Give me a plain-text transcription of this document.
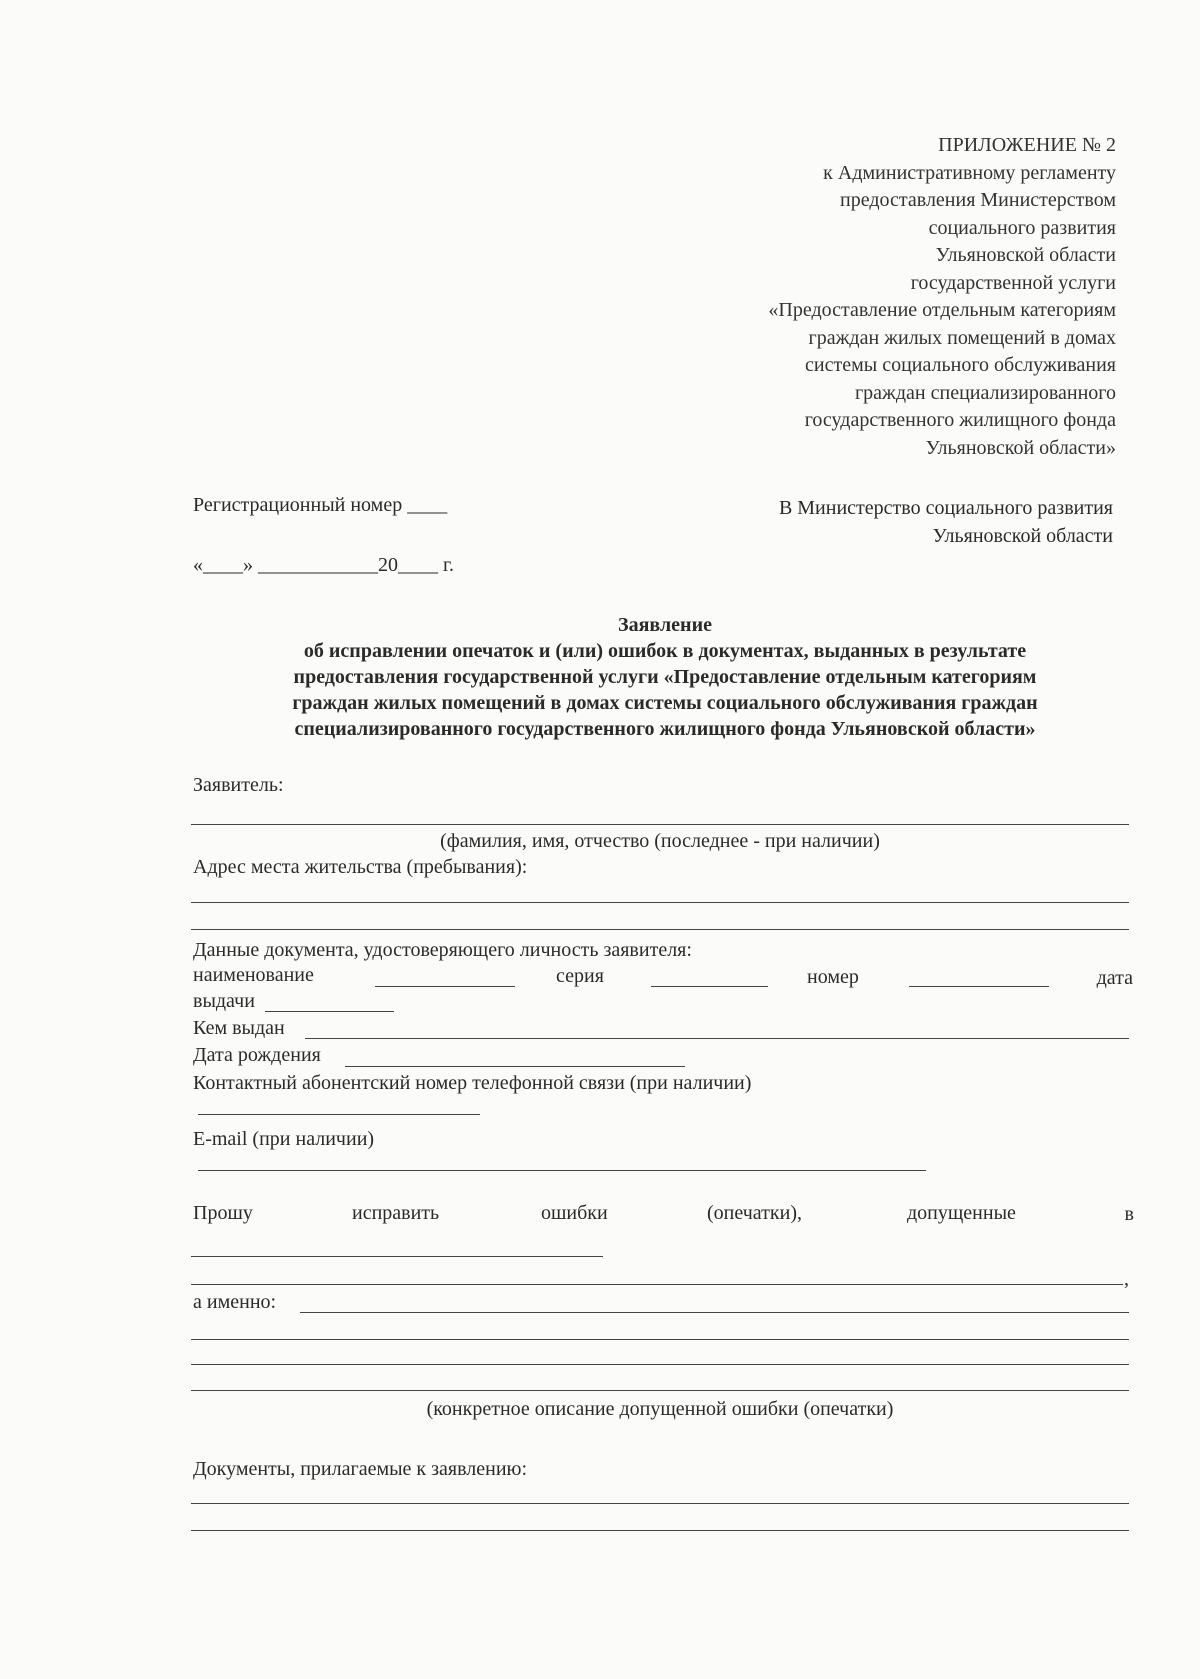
ПРИЛОЖЕНИЕ № 2
к Административному регламенту
предоставления Министерством
социального развития
Ульяновской области
государственной услуги
«Предоставление отдельным категориям
граждан жилых помещений в домах
системы социального обслуживания
граждан специализированного
государственного жилищного фонда
Ульяновской области»
Регистрационный номер ____
«____» ____________20____ г.
В Министерство социального развития
Ульяновской области
Заявление
об исправлении опечаток и (или) ошибок в документах, выданных в результате
предоставления государственной услуги «Предоставление отдельным категориям
граждан жилых помещений в домах системы социального обслуживания граждан
специализированного государственного жилищного фонда Ульяновской области»
Заявитель:
(фамилия, имя, отчество (последнее - при наличии)
Адрес места жительства (пребывания):
Данные документа, удостоверяющего личность заявителя:
наименование	серия	номер	дата
выдачи
Кем выдан
Дата рождения
Контактный абонентский номер телефонной связи (при наличии)
E-mail (при наличии)
Прошу	исправить	ошибки	(опечатки),	допущенные	в
,
а именно:
(конкретное описание допущенной ошибки (опечатки)
Документы, прилагаемые к заявлению:
